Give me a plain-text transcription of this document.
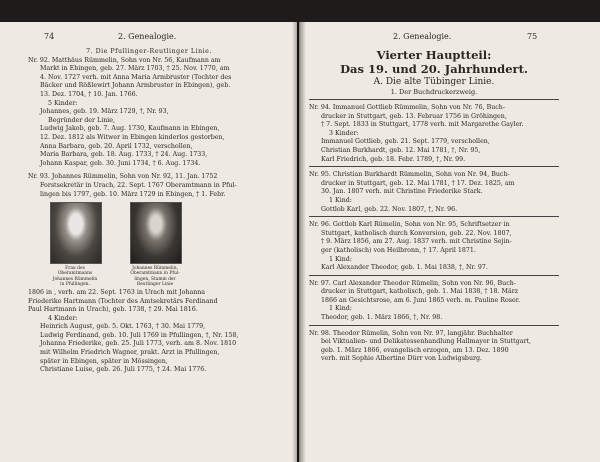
74	2. Genealogie.
7. Die Pfullinger-Reutlinger Linie.
Nr. 92. Matthäus Rümmelin, Sohn von Nr. 56, Kaufmann am
Markt in Ebingen, geb. 27. März 1703, † 25. Nov. 1770, am
4. Nov. 1727 verh. mit Anna Maria Armbruster (Tochter des
Bäcker und Rößlewirt Johann Armbruster in Ebingen), geb.
13. Dez. 1704, † 10. Jan. 1766.
5 Kinder:
Johannes, geb. 19. März 1729, †, Nr. 93,
Begründer der Linie,
Ludwig Jakob, geb. 7. Aug. 1730, Kaufmann in Ebingen,
12. Dez. 1812 als Witwer in Ebingen kinderlos gestorben,
Anna Barbara, geb. 20. April 1732, verschollen,
Maria Barbara, geb. 18. Aug. 1733, † 24. Aug. 1733,
Johann Kaspar, geb. 30. Juni 1734, † 6. Aug. 1734.
Nr. 93. Johannes Rümmelin, Sohn von Nr. 92, 11. Jan. 1752
Forstsekretär in Urach, 22. Sept. 1767 Oberamtmann in Pful-
lingen bis 1797, geb. 10. März 1729 in Ebingen, † 1. Febr.
Frau des Oberamtmanns Johannes Rümmelin in Pfullingen.
Johannes Rümmelin, Oberamtmann in Pful- lingen, Stamm der Reutlinger Linie
1806 in , verh. am 22. Sept. 1763 in Urach mit Johanna
Friederike Hartmann (Tochter des Amtsekretärs Ferdinand
Paul Hartmann in Urach), geb. 1738, † 29. Mai 1816.
4 Kinder:
Heinrich August, geb. 5. Okt. 1763, † 30. Mai 1779,
Ludwig Ferdinand, geb. 10. Juli 1769 in Pfullingen, †, Nr. 158,
Johanna Friederike, geb. 25. Juli 1773, verh. am 8. Nov. 1810
mit Wilhelm Friedrich Wagner, prakt. Arzt in Pfullingen,
später in Ebingen, später in Mössingen,
Christiane Luise, geb. 26. Juli 1775, † 24. Mai 1776.
2. Genealogie.	75
Vierter Hauptteil:
Das 19. und 20. Jahrhundert.
A. Die alte Tübinger Linie.
1. Der Buchdruckerzweig.
Nr. 94. Immanuel Gottlieb Rümmelin, Sohn von Nr. 76, Buch-
drucker in Stuttgart, geb. 13. Februar 1756 in Gröhingen,
† 7. Sept. 1833 in Stuttgart, 1778 verh. mit Margarethe Gayler.
3 Kinder:
Immanuel Gottlieb, geb. 21. Sept. 1779, verschollen,
Christian Burkhardt, geb. 12. Mai 1781, †, Nr. 95,
Karl Friedrich, geb. 18. Febr. 1789, †, Nr. 99.
Nr. 95. Christian Burkhardt Rümmelin, Sohn von Nr. 94, Buch-
drucker in Stuttgart, geb. 12. Mai 1781, † 17. Dez. 1825, am
30. Jan. 1807 verh. mit Christine Friederike Stark.
1 Kind:
Gottlob Karl, geb. 22. Nov. 1807, †, Nr. 96.
Nr. 96. Gottlob Karl Rümelin, Sohn von Nr. 95, Schriftsetzer in
Stuttgart, katholisch durch Konversion, geb. 22. Nov. 1807,
† 9. März 1856, am 27. Aug. 1837 verh. mit Christine Sejin-
ger (katholisch) von Heilbronn, † 17. April 1871.
1 Kind:
Karl Alexander Theodor, geb. 1. Mai 1838, †, Nr. 97.
Nr. 97. Carl Alexander Theodor Rümelin, Sohn von Nr. 96, Buch-
drucker in Stuttgart, katholisch, geb. 1. Mai 1838, † 18. März
1866 an Gesichtsrose, am 6. Juni 1865 verh. m. Pauline Roser.
1 Kind:
Theodor, geb. 1. März 1866, †, Nr. 98.
Nr. 98. Theodor Rümelin, Sohn von Nr. 97, langjähr. Buchhalter
bei Viktualien- und Delikatessenhandlung Hallmayer in Stuttgart,
geb. 1. März 1866, evangelisch erzogen, am 13. Dez. 1890
verh. mit Sophie Albertine Dürr von Ludwigsburg.
